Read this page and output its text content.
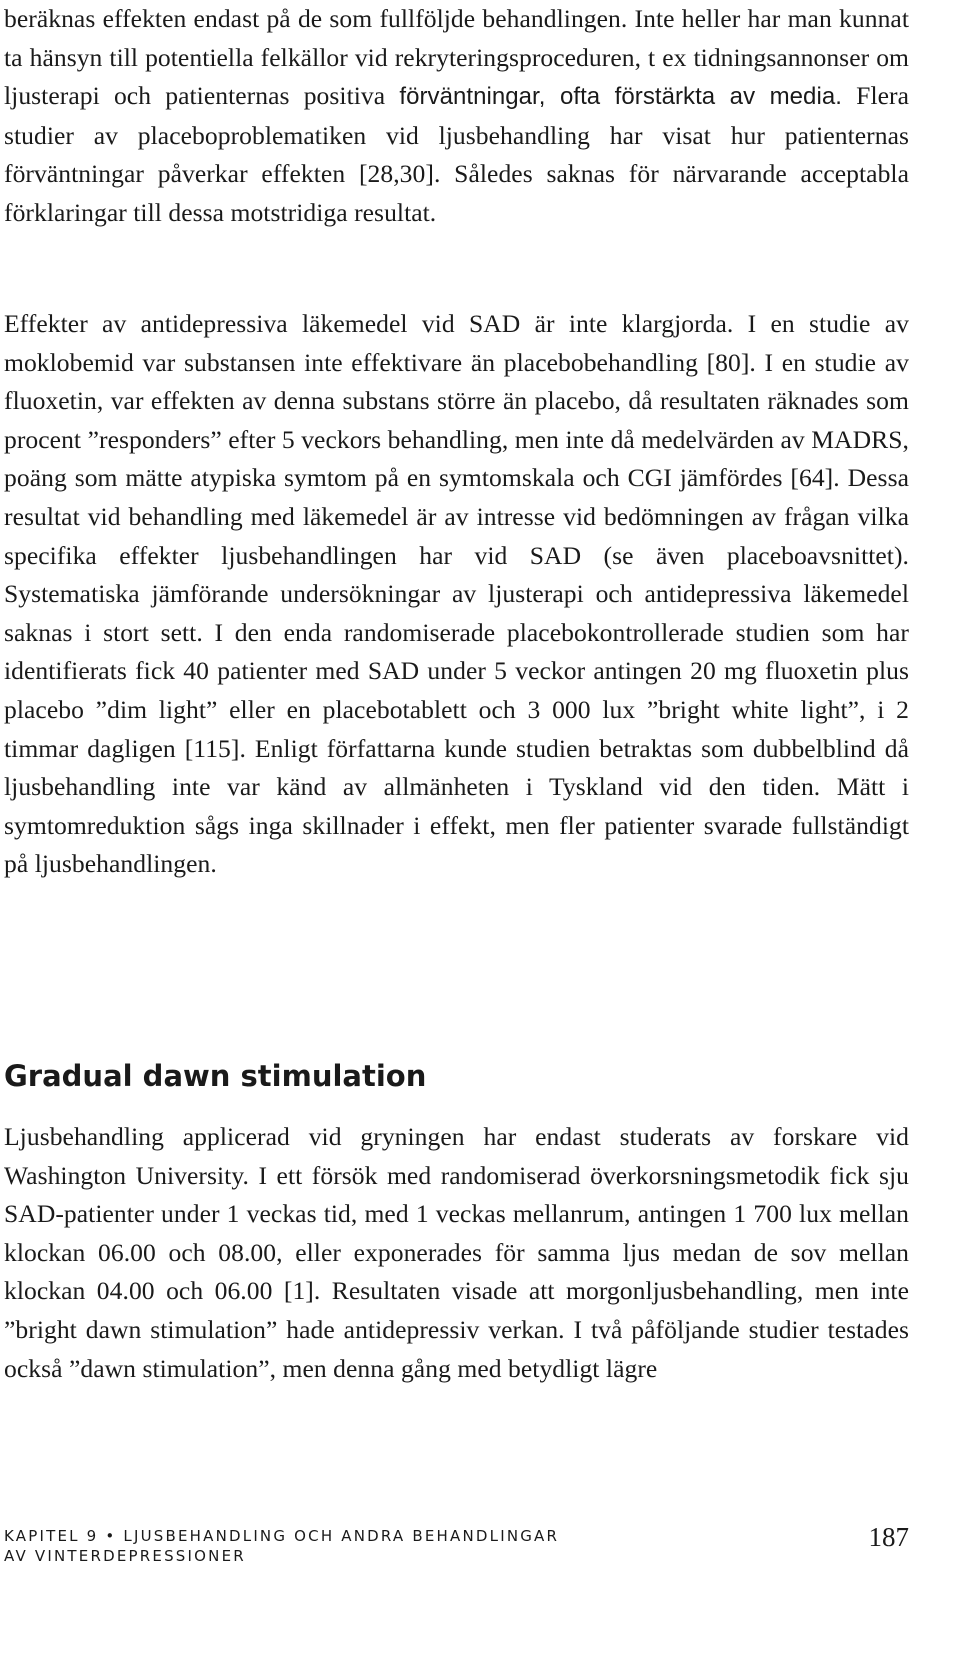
beräknas effekten endast på de som fullföljde behandlingen. Inte heller har man kunnat ta hänsyn till potentiella felkällor vid rekryteringsproceduren, t ex tidningsannonser om ljusterapi och patienternas positiva förväntningar, ofta förstärkta av media. Flera studier av placeboproblematiken vid ljusbehandling har visat hur patienternas förväntningar påverkar effekten [28,30]. Således saknas för närvarande acceptabla förklaringar till dessa motstridiga resultat.

Effekter av antidepressiva läkemedel vid SAD är inte klargjorda. I en studie av moklobemid var substansen inte effektivare än placebobehandling [80]. I en studie av fluoxetin, var effekten av denna substans större än placebo, då resultaten räknades som procent ”responders” efter 5 veckors behandling, men inte då medelvärden av MADRS, poäng som mätte atypiska symtom på en symtomskala och CGI jämfördes [64]. Dessa resultat vid behandling med läkemedel är av intresse vid bedömningen av frågan vilka specifika effekter ljusbehandlingen har vid SAD (se även placeboavsnittet). Systematiska jämförande undersökningar av ljusterapi och antidepressiva läkemedel saknas i stort sett. I den enda randomiserade placebokontrollerade studien som har identifierats fick 40 patienter med SAD under 5 veckor antingen 20 mg fluoxetin plus placebo ”dim light” eller en placebotablett och 3 000 lux ”bright white light”, i 2 timmar dagligen [115]. Enligt författarna kunde studien betraktas som dubbelblind då ljusbehandling inte var känd av allmänheten i Tyskland vid den tiden. Mätt i symtomreduktion sågs inga skillnader i effekt, men fler patienter svarade fullständigt på ljusbehandlingen.

Gradual dawn stimulation

Ljusbehandling applicerad vid gryningen har endast studerats av forskare vid Washington University. I ett försök med randomiserad överkorsningsmetodik fick sju SAD-patienter under 1 veckas tid, med 1 veckas mellanrum, antingen 1 700 lux mellan klockan 06.00 och 08.00, eller exponerades för samma ljus medan de sov mellan klockan 04.00 och 06.00 [1]. Resultaten visade att morgonljusbehandling, men inte ”bright dawn stimulation” hade antidepressiv verkan. I två påföljande studier testades också ”dawn stimulation”, men denna gång med betydligt lägre

KAPITEL 9 • LJUSBEHANDLING OCH ANDRA BEHANDLINGAR
AV VINTERDEPRESSIONER

187
